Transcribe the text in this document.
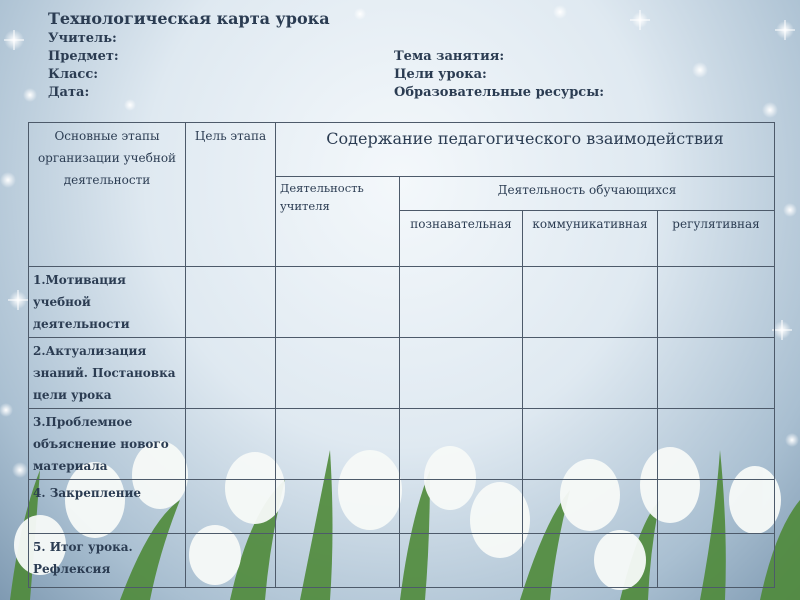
Технологическая карта урока
Учитель:
Предмет:	Тема занятия:
Класс:	Цели урока:
Дата:	Образовательные ресурсы:
Основные этапы организации учебной деятельности	Цель этапа	Содержание педагогического взаимодействия			
		Деятельность учителя	Деятельность обучающихся		
			познавательная	коммуникативная	регулятивная
1.Мотивация учебной деятельности					
2.Актуализация знаний. Постановка цели урока					
3.Проблемное объяснение нового материала					
4. Закрепление					
5. Итог урока. Рефлексия					
